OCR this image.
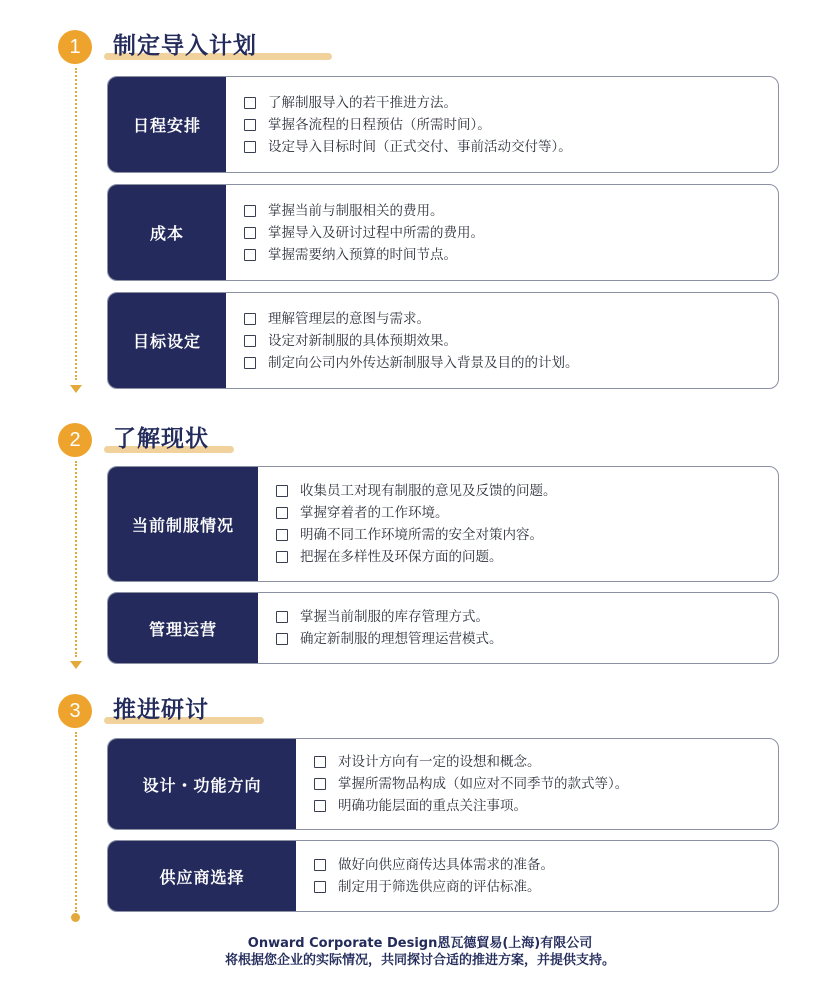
1 制定导入计划
日程安排
了解制服导入的若干推进方法。
掌握各流程的日程预估（所需时间）。
设定导入目标时间（正式交付、事前活动交付等）。
成本
掌握当前与制服相关的费用。
掌握导入及研讨过程中所需的费用。
掌握需要纳入预算的时间节点。
目标设定
理解管理层的意图与需求。
设定对新制服的具体预期效果。
制定向公司内外传达新制服导入背景及目的的计划。
2 了解现状
当前制服情况
收集员工对现有制服的意见及反馈的问题。
掌握穿着者的工作环境。
明确不同工作环境所需的安全对策内容。
把握在多样性及环保方面的问题。
管理运营
掌握当前制服的库存管理方式。
确定新制服的理想管理运营模式。
3 推进研讨
设计・功能方向
对设计方向有一定的设想和概念。
掌握所需物品构成（如应对不同季节的款式等）。
明确功能层面的重点关注事项。
供应商选择
做好向供应商传达具体需求的准备。
制定用于筛选供应商的评估标准。
Onward Corporate Design恩瓦德貿易(上海)有限公司
将根据您企业的实际情况，共同探讨合适的推进方案，并提供支持。
